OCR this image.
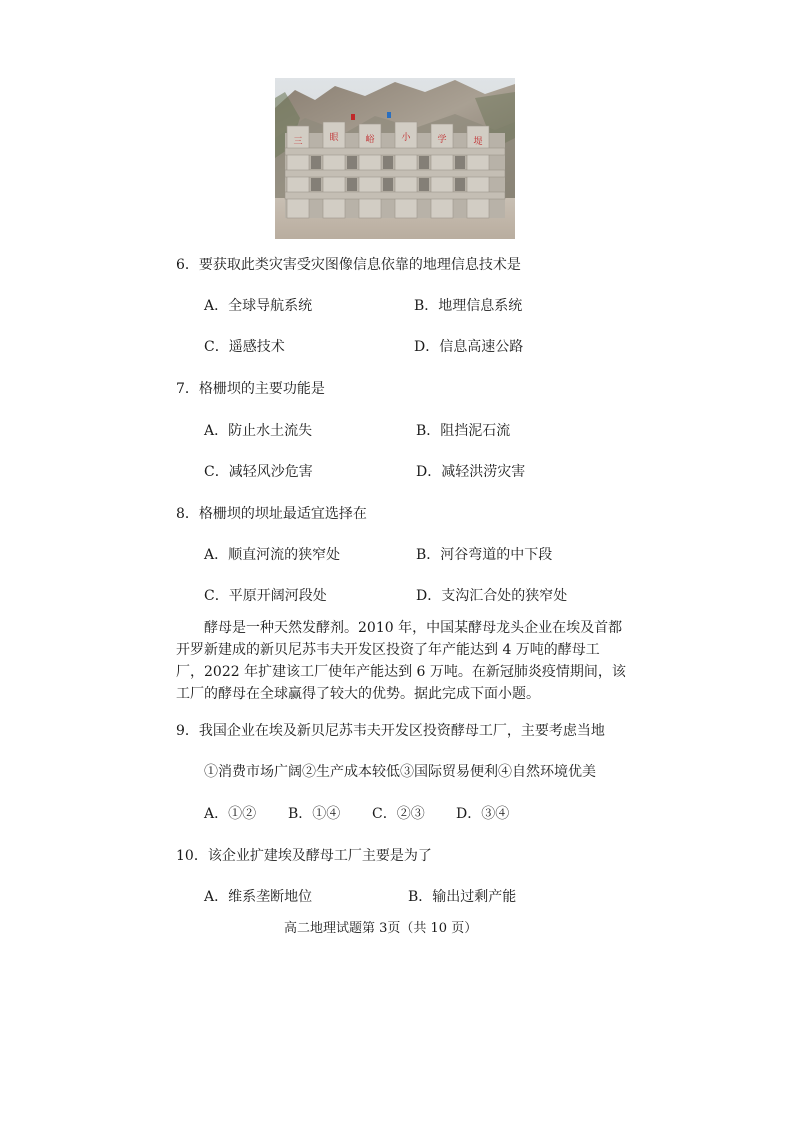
三	眼	峪	小	学	堤
6．要获取此类灾害受灾图像信息依靠的地理信息技术是
A．全球导航系统	B．地理信息系统
C．遥感技术	D．信息高速公路
7．格栅坝的主要功能是
A．防止水土流失	B．阻挡泥石流
C．减轻风沙危害	D．减轻洪涝灾害
8．格栅坝的坝址最适宜选择在
A．顺直河流的狭窄处	B．河谷弯道的中下段
C．平原开阔河段处	D．支沟汇合处的狭窄处

酵母是一种天然发酵剂。2010 年，中国某酵母龙头企业在埃及首都

开罗新建成的新贝尼苏韦夫开发区投资了年产能达到 4 万吨的酵母工

厂，2022 年扩建该工厂使年产能达到 6 万吨。在新冠肺炎疫情期间，该

工厂的酵母在全球赢得了较大的优势。据此完成下面小题。

9．我国企业在埃及新贝尼苏韦夫开发区投资酵母工厂，主要考虑当地
①消费市场广阔②生产成本较低③国际贸易便利④自然环境优美
A．①② B．①④ C．②③ D．③④
10．该企业扩建埃及酵母工厂主要是为了
A．维系垄断地位	B．输出过剩产能
高二地理试题第 3页（共 10 页）
